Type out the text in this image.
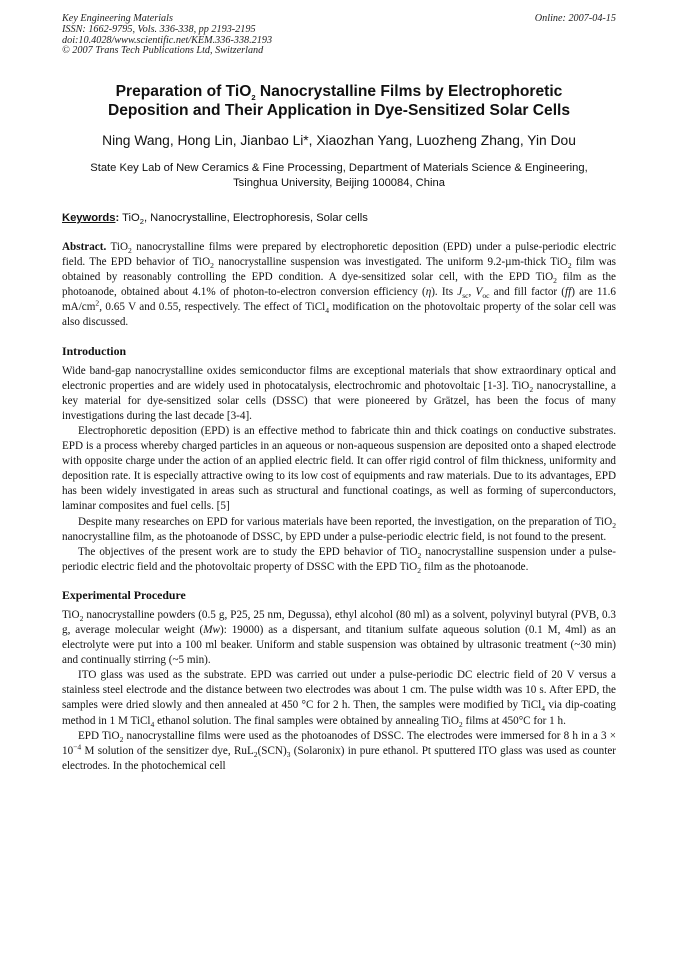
Key Engineering Materials
ISSN: 1662-9795, Vols. 336-338, pp 2193-2195
doi:10.4028/www.scientific.net/KEM.336-338.2193
© 2007 Trans Tech Publications Ltd, Switzerland
Online: 2007-04-15
Preparation of TiO$_2$ Nanocrystalline Films by Electrophoretic
Deposition and Their Application in Dye-Sensitized Solar Cells
Ning Wang, Hong Lin, Jianbao Li*, Xiaozhan Yang, Luozheng Zhang, Yin Dou
State Key Lab of New Ceramics & Fine Processing, Department of Materials Science & Engineering,
Tsinghua University, Beijing 100084, China
Keywords: TiO$_2$, Nanocrystalline, Electrophoresis, Solar cells

Abstract. TiO$_2$ nanocrystalline films were prepared by electrophoretic deposition (EPD) under a pulse-periodic electric field. The EPD behavior of TiO$_2$ nanocrystalline suspension was investigated. The uniform 9.2-µm-thick TiO$_2$ film was obtained by reasonably controlling the EPD condition. A dye-sensitized solar cell, with the EPD TiO$_2$ film as the photoanode, obtained about 4.1% of photon-to-electron conversion efficiency (η). Its $J_{sc}$, $V_{oc}$ and fill factor (ff) are 11.6 $mA/cm^2$, 0.65 V and 0.55, respectively. The effect of TiCl$_4$ modification on the photovoltaic property of the solar cell was also discussed.

Introduction

Wide band-gap nanocrystalline oxides semiconductor films are exceptional materials that show extraordinary optical and electronic properties and are widely used in photocatalysis, electrochromic and photovoltaic [1-3]. TiO$_2$ nanocrystalline, a key material for dye-sensitized solar cells (DSSC) that were pioneered by Grätzel, has been the focus of many investigations during the last decade [3-4].

Electrophoretic deposition (EPD) is an effective method to fabricate thin and thick coatings on conductive substrates. EPD is a process whereby charged particles in an aqueous or non-aqueous suspension are deposited onto a shaped electrode with opposite charge under the action of an applied electric field. It can offer rigid control of film thickness, uniformity and deposition rate. It is especially attractive owing to its low cost of equipments and raw materials. Due to its advantages, EPD has been widely investigated in areas such as structural and functional coatings, as well as forming of superconductors, laminar composites and fuel cells. [5]

Despite many researches on EPD for various materials have been reported, the investigation, on the preparation of TiO$_2$ nanocrystalline film, as the photoanode of DSSC, by EPD under a pulse-periodic electric field, is not found to the present.

The objectives of the present work are to study the EPD behavior of TiO$_2$ nanocrystalline suspension under a pulse-periodic electric field and the photovoltaic property of DSSC with the EPD TiO$_2$ film as the photoanode.

Experimental Procedure

TiO$_2$ nanocrystalline powders (0.5 g, P25, 25 nm, Degussa), ethyl alcohol (80 ml) as a solvent, polyvinyl butyral (PVB, 0.3 g, average molecular weight (Mw): 19000) as a dispersant, and titanium sulfate aqueous solution (0.1 M, 4ml) as an electrolyte were put into a 100 ml beaker. Uniform and stable suspension was obtained by ultrasonic treatment (~30 min) and continually stirring (~5 min).

ITO glass was used as the substrate. EPD was carried out under a pulse-periodic DC electric field of 20 V versus a stainless steel electrode and the distance between two electrodes was about 1 cm. The pulse width was 10 s. After EPD, the samples were dried slowly and then annealed at 450 °C for 2 h. Then, the samples were modified by TiCl$_4$ via dip-coating method in 1 M TiCl$_4$ ethanol solution. The final samples were obtained by annealing TiO$_2$ films at 450°C for 1 h.

EPD TiO$_2$ nanocrystalline films were used as the photoanodes of DSSC. The electrodes were immersed for 8 h in a $3 \times 10^{-4}$ M solution of the sensitizer dye, $RuL_2(SCN)_3$ (Solaronix) in pure ethanol. Pt sputtered ITO glass was used as counter electrodes. In the photochemical cell
